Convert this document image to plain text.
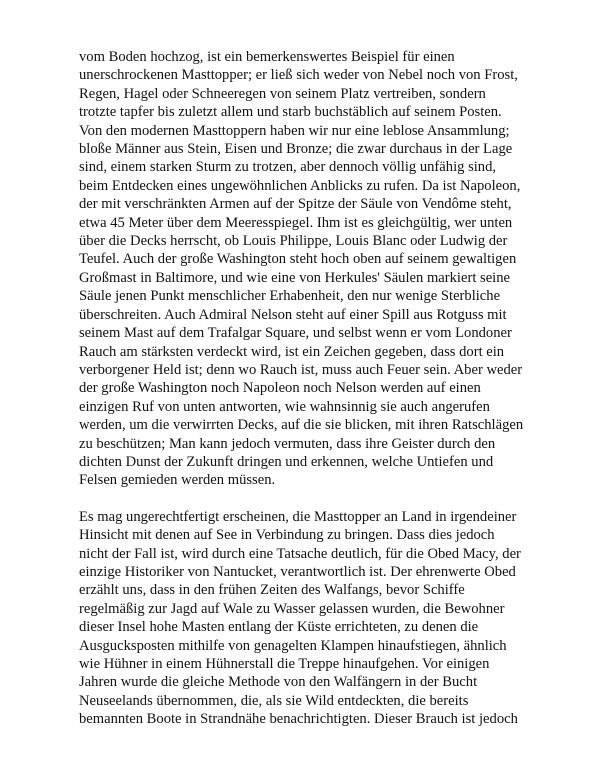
vom Boden hochzog, ist ein bemerkenswertes Beispiel für einen
unerschrockenen Masttopper; er ließ sich weder von Nebel noch von Frost,
Regen, Hagel oder Schneeregen von seinem Platz vertreiben, sondern
trotzte tapfer bis zuletzt allem und starb buchstäblich auf seinem Posten.
Von den modernen Masttoppern haben wir nur eine leblose Ansammlung;
bloße Männer aus Stein, Eisen und Bronze; die zwar durchaus in der Lage
sind, einem starken Sturm zu trotzen, aber dennoch völlig unfähig sind,
beim Entdecken eines ungewöhnlichen Anblicks zu rufen. Da ist Napoleon,
der mit verschränkten Armen auf der Spitze der Säule von Vendôme steht,
etwa 45 Meter über dem Meeresspiegel. Ihm ist es gleichgültig, wer unten
über die Decks herrscht, ob Louis Philippe, Louis Blanc oder Ludwig der
Teufel. Auch der große Washington steht hoch oben auf seinem gewaltigen
Großmast in Baltimore, und wie eine von Herkules' Säulen markiert seine
Säule jenen Punkt menschlicher Erhabenheit, den nur wenige Sterbliche
überschreiten. Auch Admiral Nelson steht auf einer Spill aus Rotguss mit
seinem Mast auf dem Trafalgar Square, und selbst wenn er vom Londoner
Rauch am stärksten verdeckt wird, ist ein Zeichen gegeben, dass dort ein
verborgener Held ist; denn wo Rauch ist, muss auch Feuer sein. Aber weder
der große Washington noch Napoleon noch Nelson werden auf einen
einzigen Ruf von unten antworten, wie wahnsinnig sie auch angerufen
werden, um die verwirrten Decks, auf die sie blicken, mit ihren Ratschlägen
zu beschützen; Man kann jedoch vermuten, dass ihre Geister durch den
dichten Dunst der Zukunft dringen und erkennen, welche Untiefen und
Felsen gemieden werden müssen.
Es mag ungerechtfertigt erscheinen, die Masttopper an Land in irgendeiner
Hinsicht mit denen auf See in Verbindung zu bringen. Dass dies jedoch
nicht der Fall ist, wird durch eine Tatsache deutlich, für die Obed Macy, der
einzige Historiker von Nantucket, verantwortlich ist. Der ehrenwerte Obed
erzählt uns, dass in den frühen Zeiten des Walfangs, bevor Schiffe
regelmäßig zur Jagd auf Wale zu Wasser gelassen wurden, die Bewohner
dieser Insel hohe Masten entlang der Küste errichteten, zu denen die
Ausgucksposten mithilfe von genagelten Klampen hinaufstiegen, ähnlich
wie Hühner in einem Hühnerstall die Treppe hinaufgehen. Vor einigen
Jahren wurde die gleiche Methode von den Walfängern in der Bucht
Neuseelands übernommen, die, als sie Wild entdeckten, die bereits
bemannten Boote in Strandnähe benachrichtigten. Dieser Brauch ist jedoch
